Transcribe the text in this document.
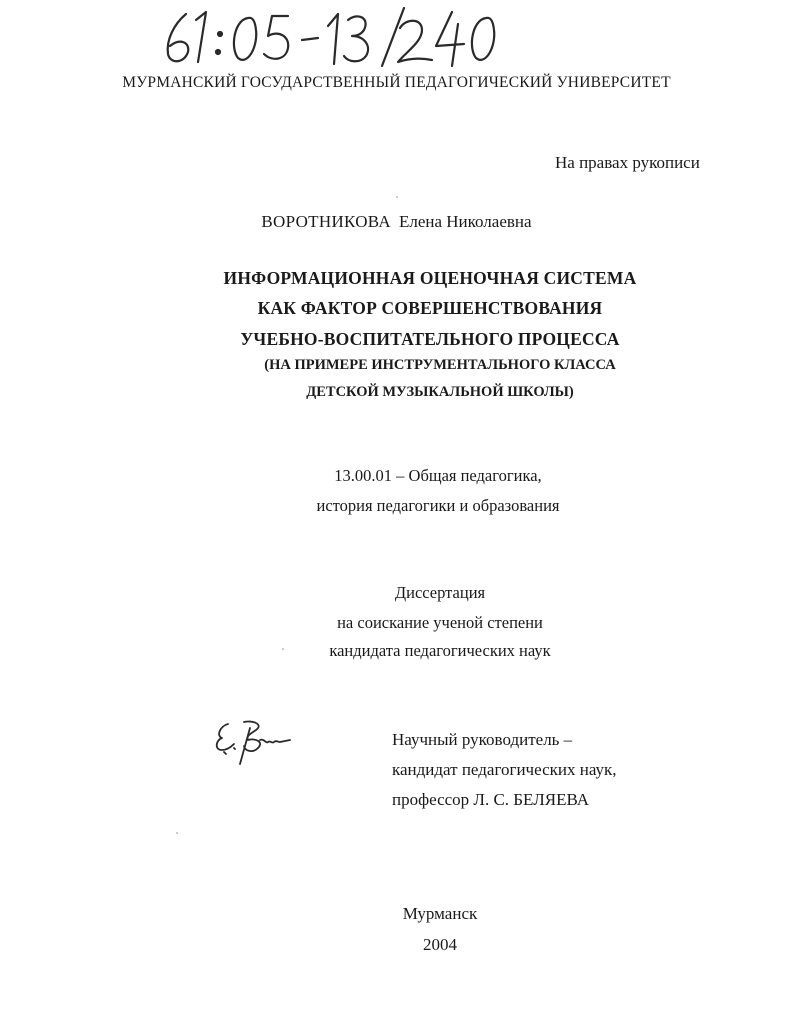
МУРМАНСКИЙ ГОСУДАРСТВЕННЫЙ ПЕДАГОГИЧЕСКИЙ УНИВЕРСИТЕТ
На правах рукописи
ВОРОТНИКОВА Елена Николаевна
ИНФОРМАЦИОННАЯ ОЦЕНОЧНАЯ СИСТЕМА
КАК ФАКТОР СОВЕРШЕНСТВОВАНИЯ
УЧЕБНО-ВОСПИТАТЕЛЬНОГО ПРОЦЕССА
(НА ПРИМЕРЕ ИНСТРУМЕНТАЛЬНОГО КЛАССА
ДЕТСКОЙ МУЗЫКАЛЬНОЙ ШКОЛЫ)
13.00.01 – Общая педагогика,
история педагогики и образования
Диссертация
на соискание ученой степени
кандидата педагогических наук
Научный руководитель –
кандидат педагогических наук,
профессор Л. С. БЕЛЯЕВА
Мурманск
2004
